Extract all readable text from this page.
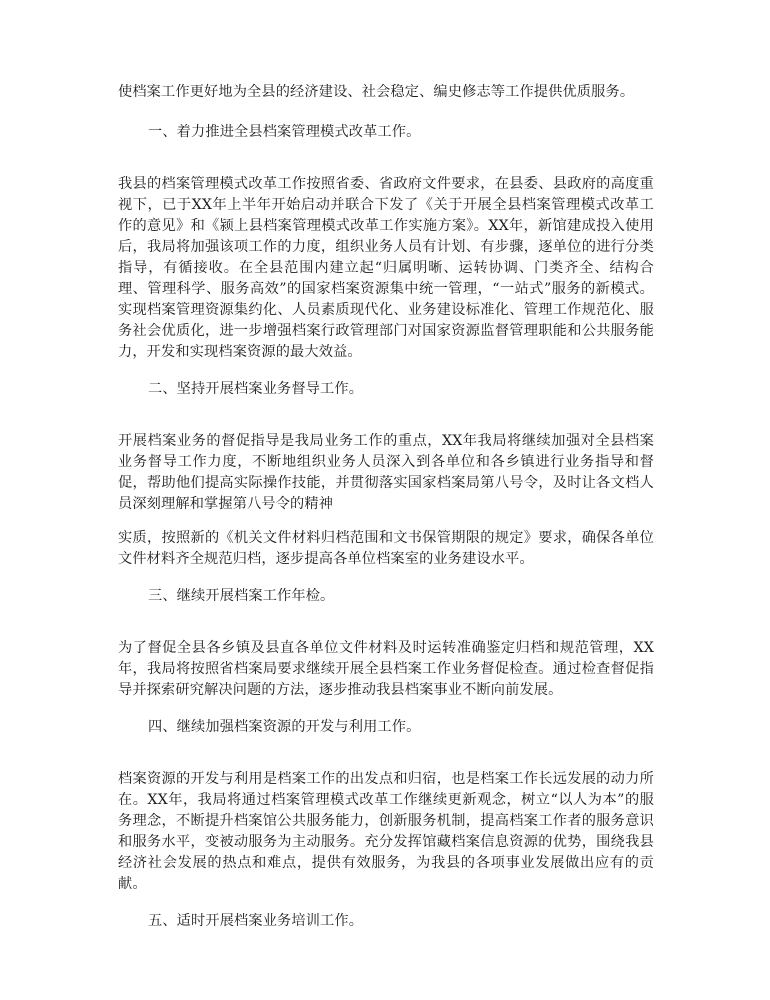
使档案工作更好地为全县的经济建设、社会稳定、编史修志等工作提供优质服务。

一、着力推进全县档案管理模式改革工作。

我县的档案管理模式改革工作按照省委、省政府文件要求，在县委、县政府的高度重视下，已于XX年上半年开始启动并联合下发了《关于开展全县档案管理模式改革工作的意见》和《颍上县档案管理模式改革工作实施方案》。XX年，新馆建成投入使用后，我局将加强该项工作的力度，组织业务人员有计划、有步骤，逐单位的进行分类指导，有循接收。在全县范围内建立起“归属明晰、运转协调、门类齐全、结构合理、管理科学、服务高效”的国家档案资源集中统一管理，“一站式”服务的新模式。实现档案管理资源集约化、人员素质现代化、业务建设标准化、管理工作规范化、服务社会优质化，进一步增强档案行政管理部门对国家资源监督管理职能和公共服务能力，开发和实现档案资源的最大效益。

二、坚持开展档案业务督导工作。

开展档案业务的督促指导是我局业务工作的重点，XX年我局将继续加强对全县档案业务督导工作力度，不断地组织业务人员深入到各单位和各乡镇进行业务指导和督促，帮助他们提高实际操作技能，并贯彻落实国家档案局第八号令，及时让各文档人员深刻理解和掌握第八号令的精神

实质，按照新的《机关文件材料归档范围和文书保管期限的规定》要求，确保各单位文件材料齐全规范归档，逐步提高各单位档案室的业务建设水平。

三、继续开展档案工作年检。

为了督促全县各乡镇及县直各单位文件材料及时运转准确鉴定归档和规范管理，XX年，我局将按照省档案局要求继续开展全县档案工作业务督促检查。通过检查督促指导并探索研究解决问题的方法，逐步推动我县档案事业不断向前发展。

四、继续加强档案资源的开发与利用工作。

档案资源的开发与利用是档案工作的出发点和归宿，也是档案工作长远发展的动力所在。XX年，我局将通过档案管理模式改革工作继续更新观念，树立“以人为本”的服务理念，不断提升档案馆公共服务能力，创新服务机制，提高档案工作者的服务意识和服务水平，变被动服务为主动服务。充分发挥馆藏档案信息资源的优势，围绕我县经济社会发展的热点和难点，提供有效服务，为我县的各项事业发展做出应有的贡献。

五、适时开展档案业务培训工作。
